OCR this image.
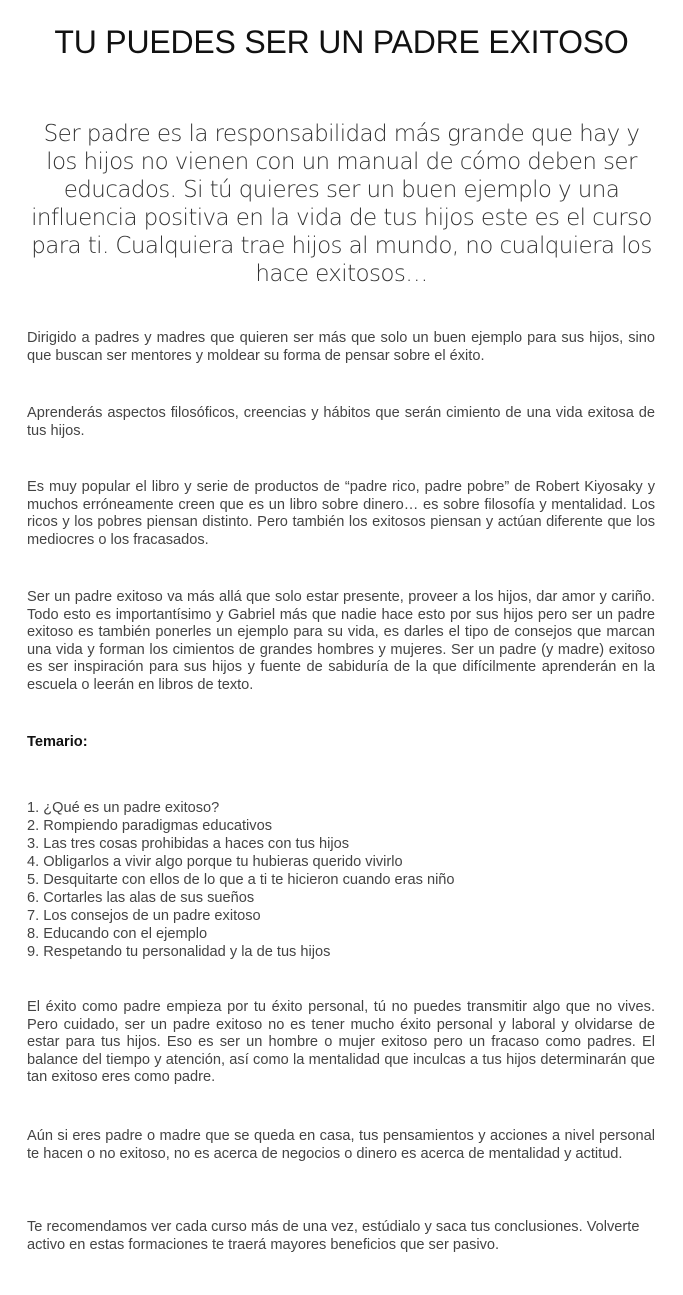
TU PUEDES SER UN PADRE EXITOSO

Ser padre es la responsabilidad más grande que hay y los hijos no vienen con un manual de cómo deben ser educados. Si tú quieres ser un buen ejemplo y una influencia positiva en la vida de tus hijos este es el curso para ti. Cualquiera trae hijos al mundo, no cualquiera los hace exitosos…

Dirigido a padres y madres que quieren ser más que solo un buen ejemplo para sus hijos, sino que buscan ser mentores y moldear su forma de pensar sobre el éxito.

Aprenderás aspectos filosóficos, creencias y hábitos que serán cimiento de una vida exitosa de tus hijos.

Es muy popular el libro y serie de productos de “padre rico, padre pobre” de Robert Kiyosaky y muchos erróneamente creen que es un libro sobre dinero… es sobre filosofía y mentalidad. Los ricos y los pobres piensan distinto. Pero también los exitosos piensan y actúan diferente que los mediocres o los fracasados.

Ser un padre exitoso va más allá que solo estar presente, proveer a los hijos, dar amor y cariño. Todo esto es importantísimo y Gabriel más que nadie hace esto por sus hijos pero ser un padre exitoso es también ponerles un ejemplo para su vida, es darles el tipo de consejos que marcan una vida y forman los cimientos de grandes hombres y mujeres. Ser un padre (y madre) exitoso es ser inspiración para sus hijos y fuente de sabiduría de la que difícilmente aprenderán en la escuela o leerán en libros de texto.

Temario:

1. ¿Qué es un padre exitoso?
2. Rompiendo paradigmas educativos
3. Las tres cosas prohibidas a haces con tus hijos
4. Obligarlos a vivir algo porque tu hubieras querido vivirlo
5. Desquitarte con ellos de lo que a ti te hicieron cuando eras niño
6. Cortarles las alas de sus sueños
7. Los consejos de un padre exitoso
8. Educando con el ejemplo
9. Respetando tu personalidad y la de tus hijos

El éxito como padre empieza por tu éxito personal, tú no puedes transmitir algo que no vives. Pero cuidado, ser un padre exitoso no es tener mucho éxito personal y laboral y olvidarse de estar para tus hijos. Eso es ser un hombre o mujer exitoso pero un fracaso como padres. El balance del tiempo y atención, así como la mentalidad que inculcas a tus hijos determinarán que tan exitoso eres como padre.

Aún si eres padre o madre que se queda en casa, tus pensamientos y acciones a nivel personal te hacen o no exitoso, no es acerca de negocios o dinero es acerca de mentalidad y actitud.

Te recomendamos ver cada curso más de una vez, estúdialo y saca tus conclusiones. Volverte activo en estas formaciones te traerá mayores beneficios que ser pasivo.
